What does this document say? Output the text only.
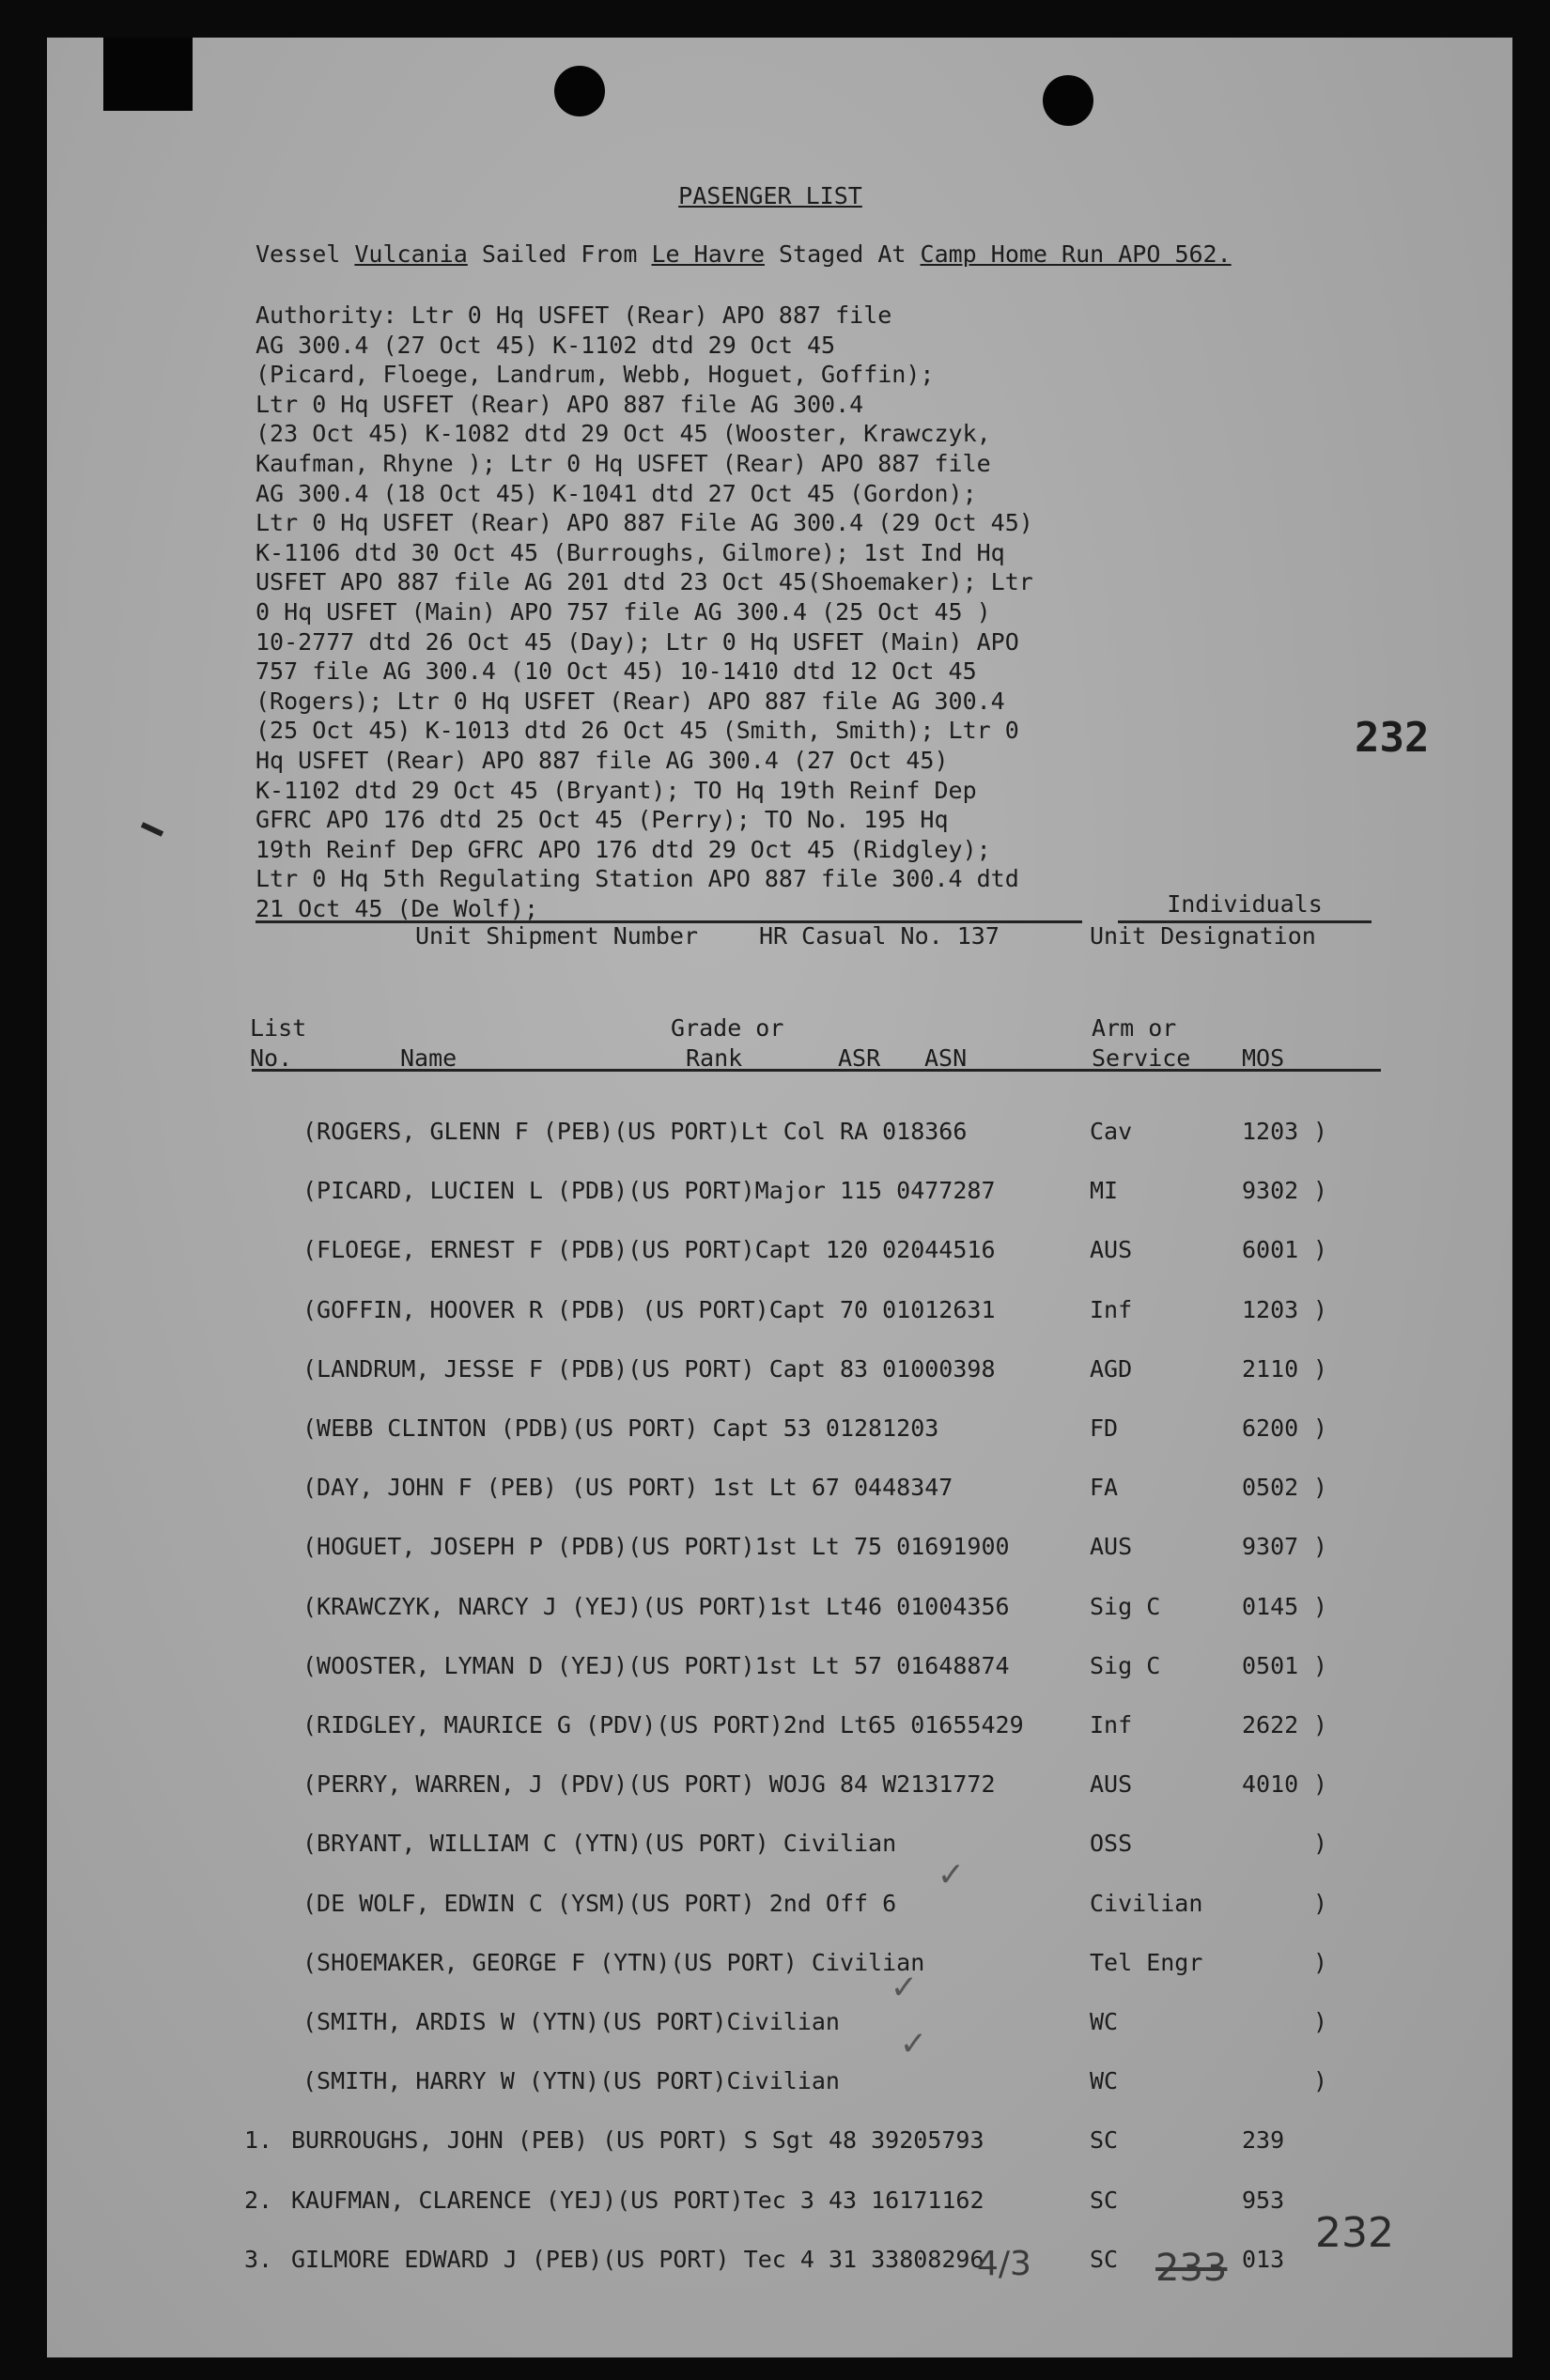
PASENGER LIST
Vessel Vulcania Sailed From Le Havre Staged At Camp Home Run APO 562.
Authority: Ltr 0 Hq USFET (Rear) APO 887 file
AG 300.4 (27 Oct 45) K-1102 dtd 29 Oct 45
(Picard, Floege, Landrum, Webb, Hoguet, Goffin);
Ltr 0 Hq USFET (Rear) APO 887 file AG 300.4
(23 Oct 45) K-1082 dtd 29 Oct 45 (Wooster, Krawczyk,
Kaufman, Rhyne ); Ltr 0 Hq USFET (Rear) APO 887 file
AG 300.4 (18 Oct 45) K-1041 dtd 27 Oct 45 (Gordon);
Ltr 0 Hq USFET (Rear) APO 887 File AG 300.4 (29 Oct 45)
K-1106 dtd 30 Oct 45 (Burroughs, Gilmore); 1st Ind Hq
USFET APO 887 file AG 201 dtd 23 Oct 45(Shoemaker); Ltr
0 Hq USFET (Main) APO 757 file AG 300.4 (25 Oct 45 )
10-2777 dtd 26 Oct 45 (Day); Ltr 0 Hq USFET (Main) APO
757 file AG 300.4 (10 Oct 45) 10-1410 dtd 12 Oct 45
(Rogers); Ltr 0 Hq USFET (Rear) APO 887 file AG 300.4
(25 Oct 45) K-1013 dtd 26 Oct 45 (Smith, Smith); Ltr 0
Hq USFET (Rear) APO 887 file AG 300.4 (27 Oct 45)
K-1102 dtd 29 Oct 45 (Bryant); TO Hq 19th Reinf Dep
GFRC APO 176 dtd 25 Oct 45 (Perry); TO No. 195 Hq
19th Reinf Dep GFRC APO 176 dtd 29 Oct 45 (Ridgley);
Ltr 0 Hq 5th Regulating Station APO 887 file 300.4 dtd
21 Oct 45 (De Wolf);
232
Individuals
Unit Shipment Number	HR Casual No. 137	Unit Designation
List
No.	Name
Grade or
Rank	ASR ASN
Arm or
Service MOS
(ROGERS, GLENN F (PEB)(US PORT)Lt Col RA 018366	Cav	1203 )
(PICARD, LUCIEN L (PDB)(US PORT)Major 115 0477287	MI	9302 )
(FLOEGE, ERNEST F (PDB)(US PORT)Capt 120 02044516	AUS	6001 )
(GOFFIN, HOOVER R (PDB) (US PORT)Capt 70 01012631	Inf	1203 )
(LANDRUM, JESSE F (PDB)(US PORT) Capt 83 01000398	AGD	2110 )
(WEBB CLINTON (PDB)(US PORT) Capt 53 01281203	FD	6200 )
(DAY, JOHN F (PEB) (US PORT) 1st Lt 67 0448347	FA	0502 )
(HOGUET, JOSEPH P (PDB)(US PORT)1st Lt 75 01691900	AUS	9307 )
(KRAWCZYK, NARCY J (YEJ)(US PORT)1st Lt46 01004356	Sig C	0145 )
(WOOSTER, LYMAN D (YEJ)(US PORT)1st Lt 57 01648874	Sig C	0501 )
(RIDGLEY, MAURICE G (PDV)(US PORT)2nd Lt65 01655429	Inf	2622 )
(PERRY, WARREN, J (PDV)(US PORT) WOJG 84 W2131772	AUS	4010 )
(BRYANT, WILLIAM C (YTN)(US PORT) Civilian	OSS	)
(DE WOLF, EDWIN C (YSM)(US PORT) 2nd Off 6	Civilian	)
(SHOEMAKER, GEORGE F (YTN)(US PORT) Civilian	Tel Engr	)
(SMITH, ARDIS W (YTN)(US PORT)Civilian	WC	)
(SMITH, HARRY W (YTN)(US PORT)Civilian	WC	)
1. BURROUGHS, JOHN (PEB) (US PORT) S Sgt 48 39205793	SC	239
2. KAUFMAN, CLARENCE (YEJ)(US PORT)Tec 3 43 16171162	SC	953
3. GILMORE EDWARD J (PEB)(US PORT) Tec 4 31 33808296	SC	013
✓
✓
✓
232
233
4/3
